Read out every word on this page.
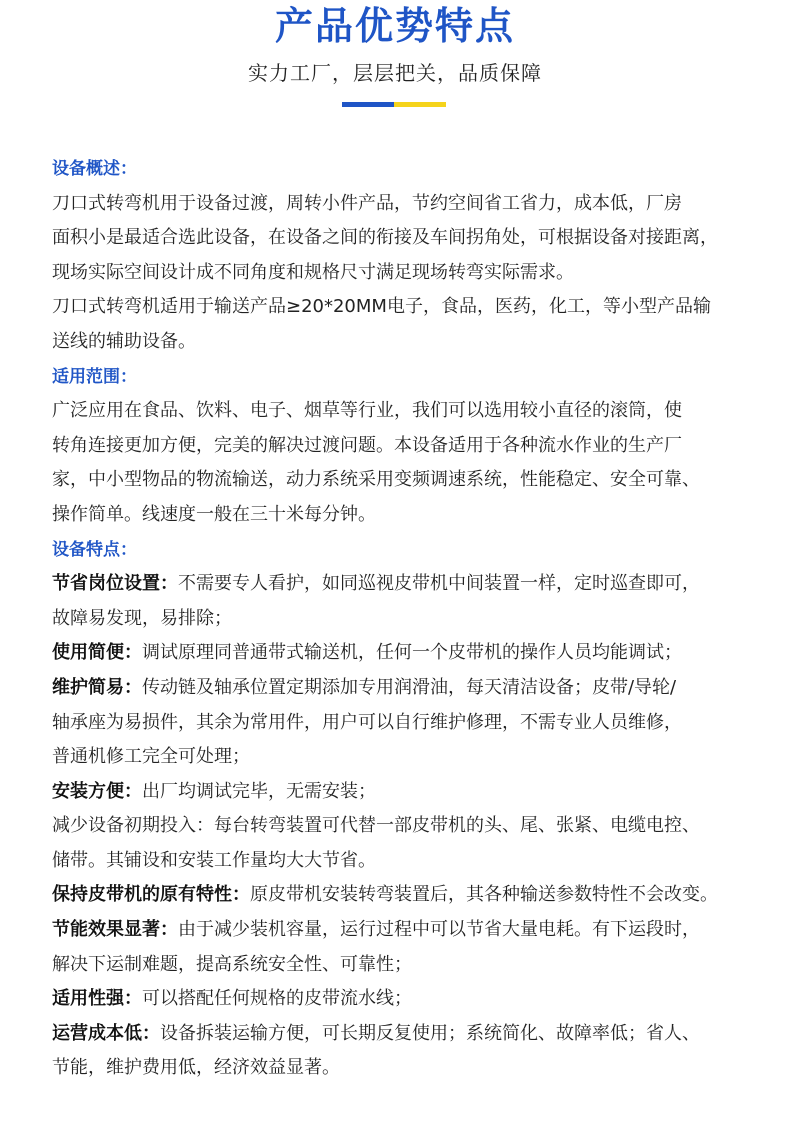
产品优势特点
实力工厂，层层把关，品质保障
设备概述：
刀口式转弯机用于设备过渡，周转小件产品，节约空间省工省力，成本低，厂房
面积小是最适合选此设备，在设备之间的衔接及车间拐角处，可根据设备对接距离，
现场实际空间设计成不同角度和规格尺寸满足现场转弯实际需求。
刀口式转弯机适用于输送产品≥20*20MM电子，食品，医药，化工，等小型产品输
送线的辅助设备。
适用范围：
广泛应用在食品、饮料、电子、烟草等行业，我们可以选用较小直径的滚筒，使
转角连接更加方便，完美的解决过渡问题。本设备适用于各种流水作业的生产厂
家，中小型物品的物流输送，动力系统采用变频调速系统，性能稳定、安全可靠、
操作简单。线速度一般在三十米每分钟。
设备特点：
节省岗位设置：不需要专人看护，如同巡视皮带机中间装置一样，定时巡查即可，
故障易发现，易排除；
使用简便：调试原理同普通带式输送机，任何一个皮带机的操作人员均能调试；
维护简易：传动链及轴承位置定期添加专用润滑油，每天清洁设备；皮带/导轮/
轴承座为易损件，其余为常用件，用户可以自行维护修理，不需专业人员维修，
普通机修工完全可处理；
安装方便：出厂均调试完毕，无需安装；
减少设备初期投入：每台转弯装置可代替一部皮带机的头、尾、张紧、电缆电控、
储带。其铺设和安装工作量均大大节省。
保持皮带机的原有特性：原皮带机安装转弯装置后，其各种输送参数特性不会改变。
节能效果显著：由于减少装机容量，运行过程中可以节省大量电耗。有下运段时，
解决下运制难题，提高系统安全性、可靠性；
适用性强：可以搭配任何规格的皮带流水线；
运营成本低：设备拆装运输方便，可长期反复使用；系统简化、故障率低；省人、
节能，维护费用低，经济效益显著。
